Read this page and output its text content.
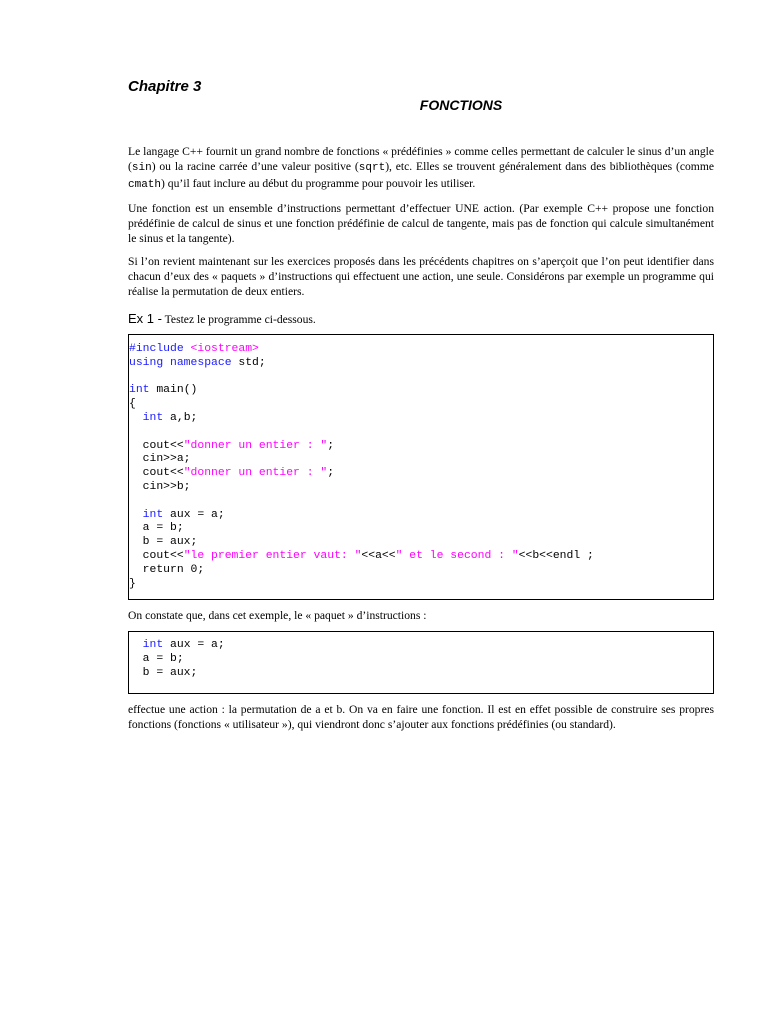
Chapitre 3
FONCTIONS

Le langage C++ fournit un grand nombre de fonctions « prédéfinies » comme celles permettant de calculer le sinus d’un angle (sin) ou la racine carrée d’une valeur positive (sqrt), etc. Elles se trouvent généralement dans des bibliothèques (comme cmath) qu’il faut inclure au début du programme pour pouvoir les utiliser.

Une fonction est un ensemble d’instructions permettant d’effectuer UNE action. (Par exemple C++ propose une fonction prédéfinie de calcul de sinus et une fonction prédéfinie de calcul de tangente, mais pas de fonction qui calcule simultanément le sinus et la tangente).

Si l’on revient maintenant sur les exercices proposés dans les précédents chapitres on s’aperçoit que l’on peut identifier dans chacun d’eux des « paquets » d’instructions qui effectuent une action, une seule. Considérons par exemple un programme qui réalise la permutation de deux entiers.

Ex 1 - Testez le programme ci-dessous.
#include <iostream>
using namespace std;
int main()
{
int a,b;
cout<<"donner un entier : ";
cin>>a;
cout<<"donner un entier : ";
cin>>b;
int aux = a;
a = b;
b = aux;
cout<<"le premier entier vaut: "<<a<<" et le second : "<<b<<endl ;
return 0;
}

On constate que, dans cet exemple, le « paquet » d’instructions :

int aux = a;
a = b;
b = aux;

effectue une action : la permutation de a et b. On va en faire une fonction. Il est en effet possible de construire ses propres fonctions (fonctions « utilisateur »), qui viendront donc s’ajouter aux fonctions prédéfinies (ou standard).
